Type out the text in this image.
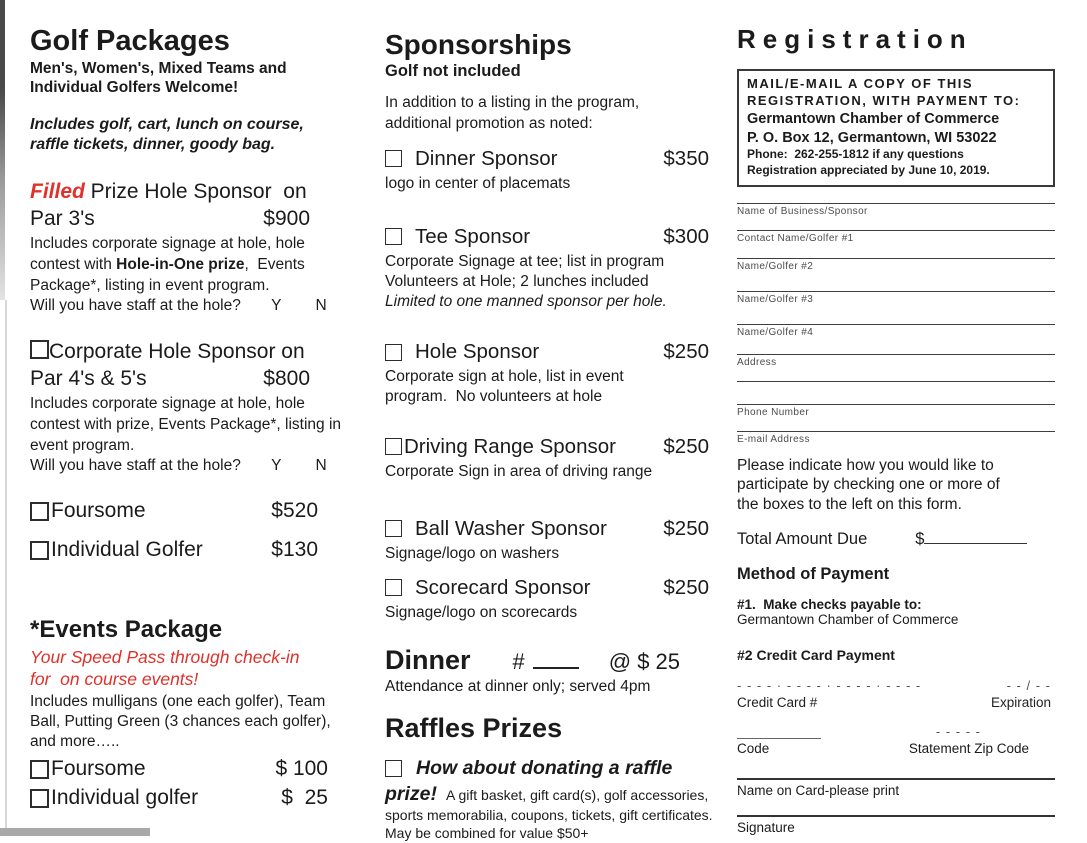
Golf Packages
Men's, Women's, Mixed Teams and
Individual Golfers Welcome!
Includes golf, cart, lunch on course,
raffle tickets, dinner, goody bag.
Filled Prize Hole Sponsor  on
Par 3's	$900
Includes corporate signage at hole, hole contest with Hole-in-One prize,  Events Package*, listing in event program.
Will you have staff at the hole? Y N
Corporate Hole Sponsor on
Par 4's & 5's	$800
Includes corporate signage at hole, hole contest with prize, Events Package*, listing in event program.
Will you have staff at the hole? Y N
Foursome	$520
Individual Golfer	$130
*Events Package
Your Speed Pass through check-in
for  on course events!
Includes mulligans (one each golfer), Team Ball, Putting Green (3 chances each golfer), and more…..
Foursome	$ 100
Individual golfer	$  25
Sponsorships
Golf not included
In addition to a listing in the program,
additional promotion as noted:
Dinner Sponsor	$350
logo in center of placemats
Tee Sponsor	$300
Corporate Signage at tee; list in program
Volunteers at Hole; 2 lunches included
Limited to one manned sponsor per hole.
Hole Sponsor	$250
Corporate sign at hole, list in event
program.  No volunteers at hole
Driving Range Sponsor $250
Corporate Sign in area of driving range
Ball Washer Sponsor	$250
Signage/logo on washers
Scorecard Sponsor	$250
Signage/logo on scorecards
Dinner #	@ $ 25
Attendance at dinner only; served 4pm
Raffles Prizes
How about donating a raffle

prize! A gift basket, gift card(s), golf accessories, sports memorabilia, coupons, tickets, gift certificates. May be combined for value $50+

Registration
MAIL/E-MAIL A COPY OF THIS
REGISTRATION, WITH PAYMENT TO:
Germantown Chamber of Commerce
P. O. Box 12, Germantown, WI 53022
Phone:  262-255-1812 if any questions
Registration appreciated by June 10, 2019.
Name of Business/Sponsor
Contact Name/Golfer #1
Name/Golfer #2
Name/Golfer #3
Name/Golfer #4
Address
Phone Number
E-mail Address
Please indicate how you would like to
participate by checking one or more of
the boxes to the left on this form.
Total Amount Due	$
Method of Payment
#1.  Make checks payable to:
Germantown Chamber of Commerce
#2 Credit Card Payment
- - - - · - - - - · - - - - · - - - -	- - / - -
Credit Card #	Expiration
- - - - -
Code	Statement Zip Code
Name on Card-please print
Signature
